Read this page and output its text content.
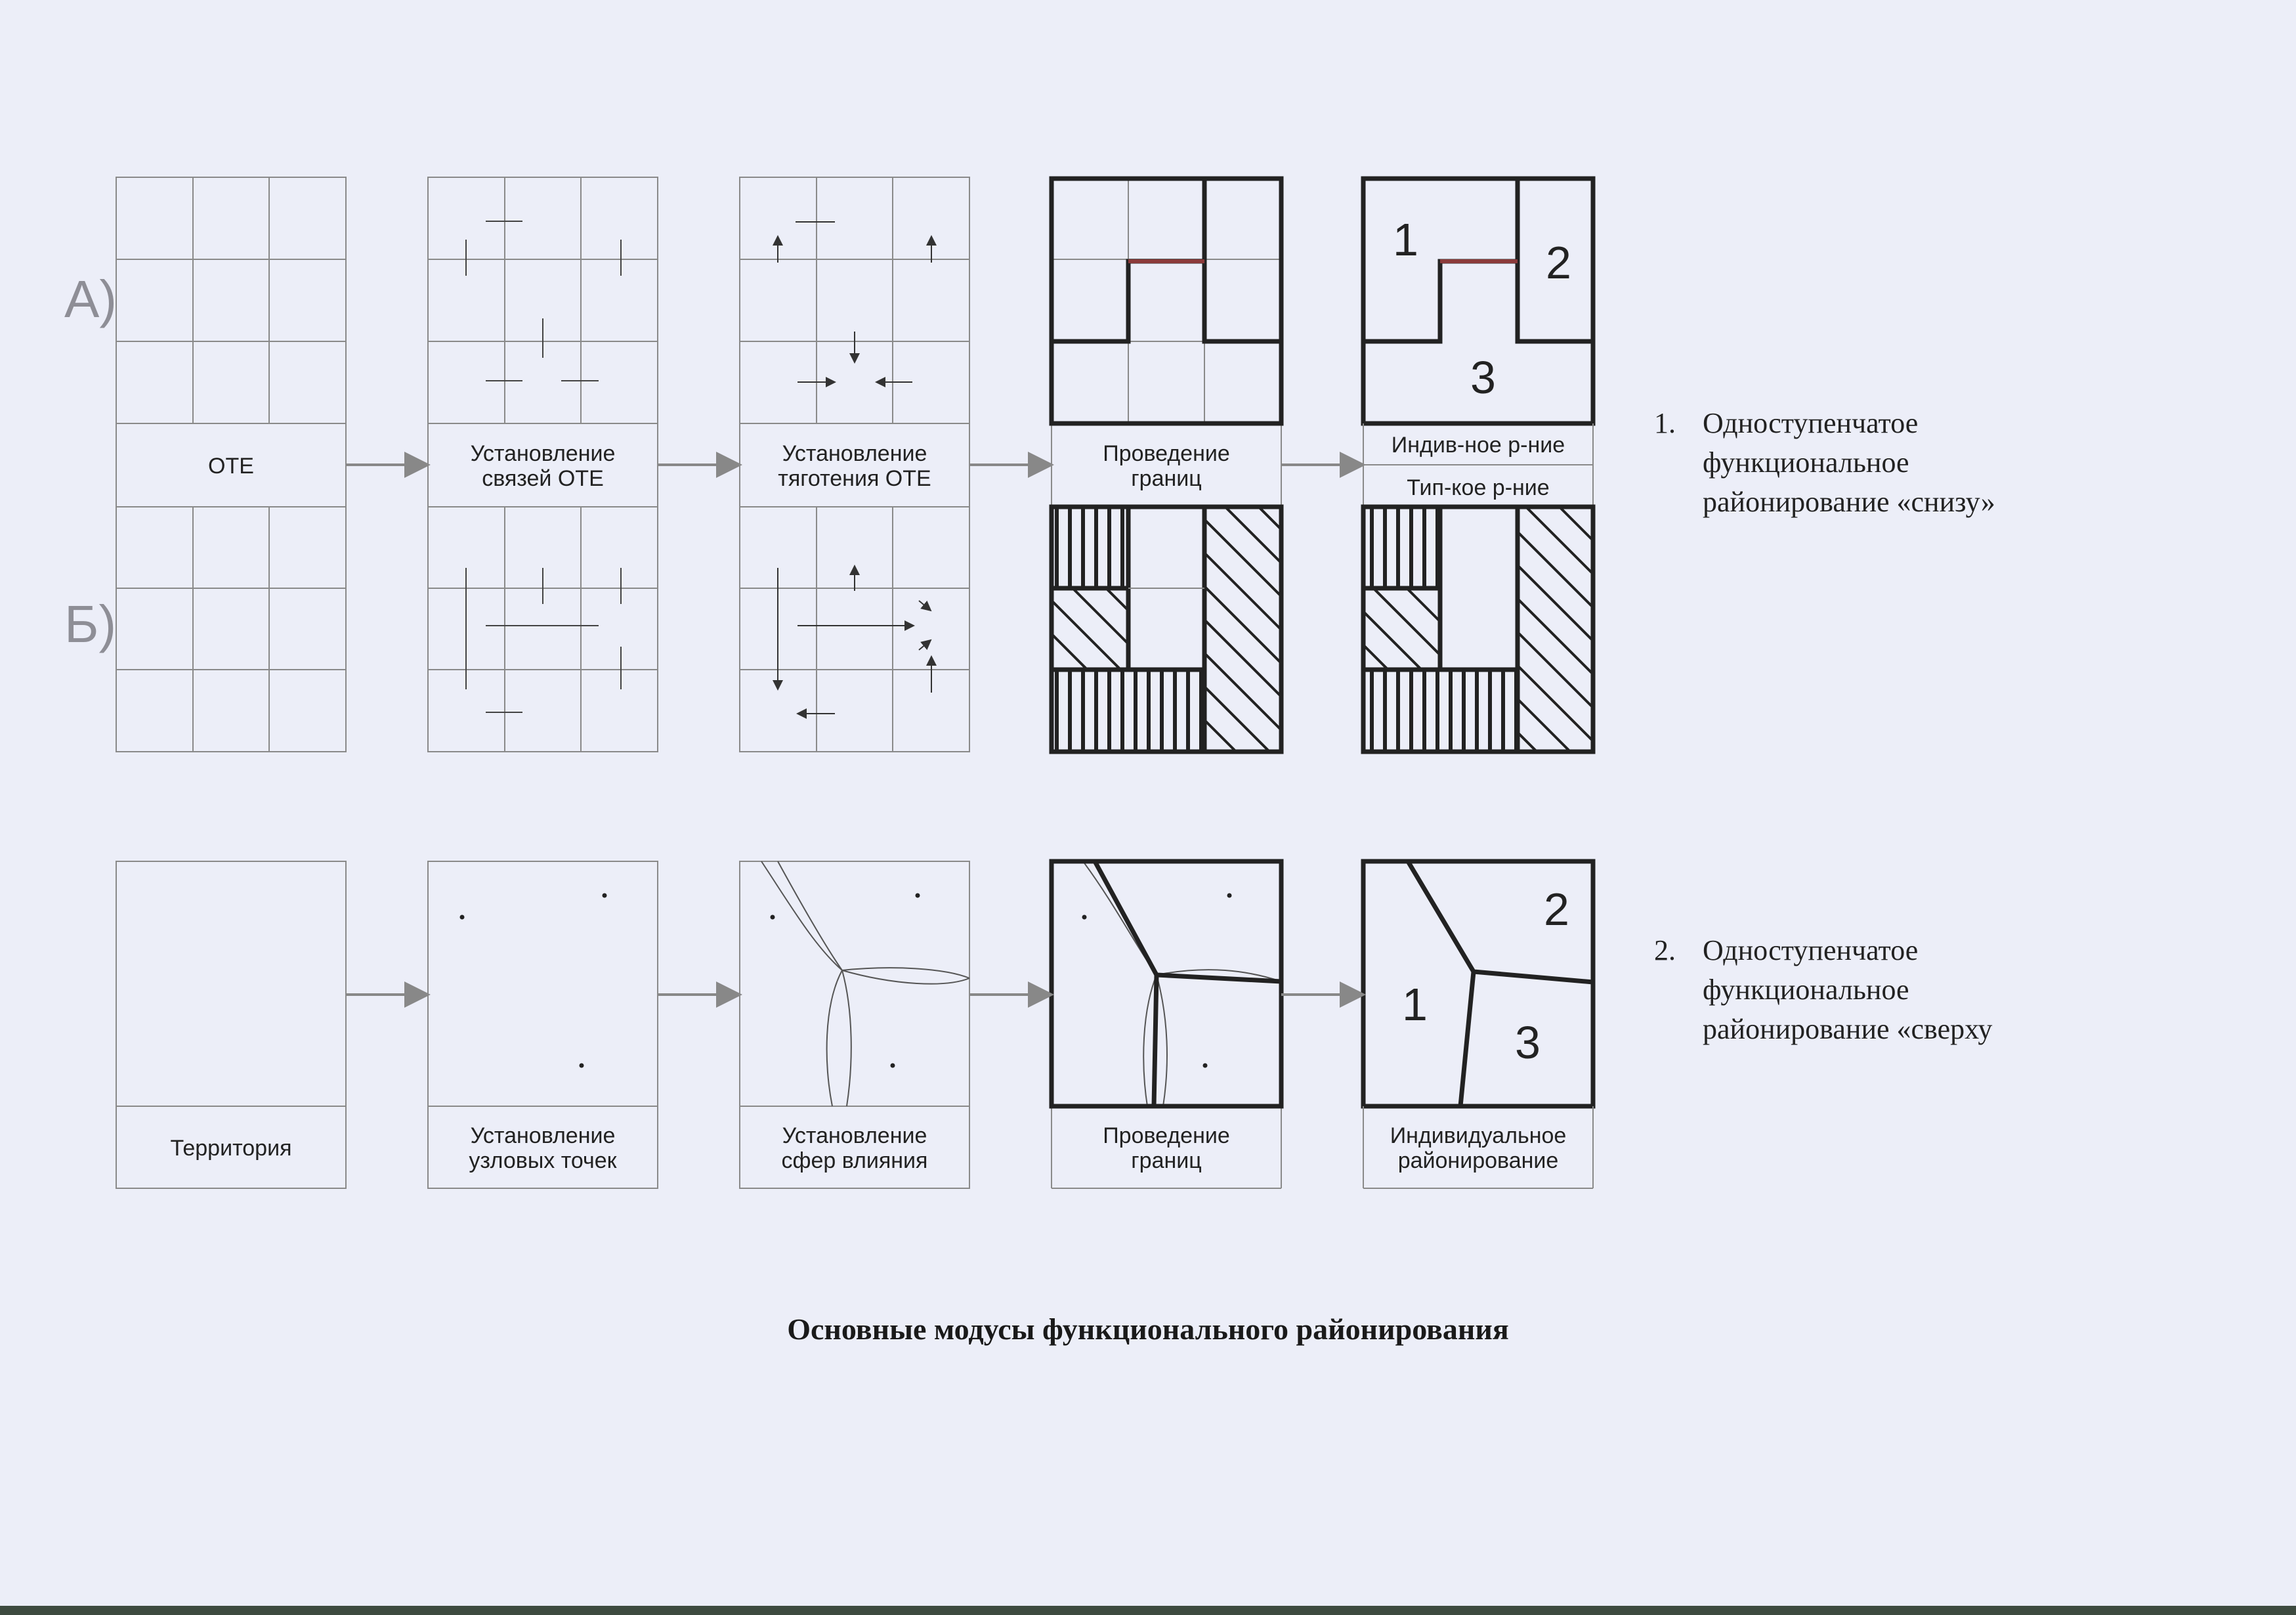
А)
Б)
ОТЕ	Установление связей ОТЕ
Установление тяготения ОТЕ
Проведение границ
Индив-ное р-ние
Тип-кое р-ние
1	2
3
2
1
3
Территория	Установление узловых точек
Установление сфер влияния
Проведение границ
Индивидуальное районирование
1. Одноступенчатое
функциональное
районирование «снизу»
2. Одноступенчатое
функциональное
районирование «сверху
Основные модусы функционального районирования
